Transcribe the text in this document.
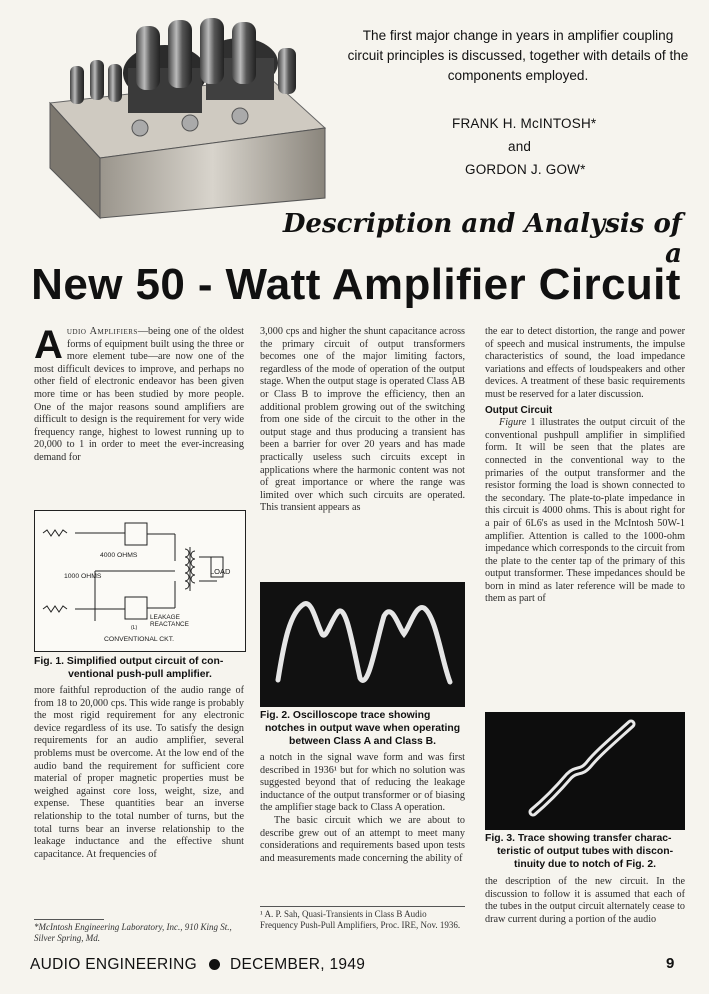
The first major change in years in amplifier coupling circuit principles is discussed, together with details of the components employed.
FRANK H. McINTOSH*
and
GORDON J. GOW*
Description and Analysis of a
New 50 - Watt Amplifier Circuit

Audio Amplifiers—being one of the oldest forms of equipment built using the three or more element tube—are now one of the most difficult devices to improve, and perhaps no other field of electronic endeavor has been given more time or has been studied by more people. One of the major reasons sound amplifiers are difficult to design is the requirement for very wide frequency range, highest to lowest running up to 20,000 to 1 in order to meet the ever-increasing demand for

(L)
4000 OHMS
1000 OHMS
LOAD
LEAKAGE REACTANCE
CONVENTIONAL CKT.
Fig. 1. Simplified output circuit of con-
ventional push-pull amplifier.

more faithful reproduction of the audio range of from 18 to 20,000 cps. This wide range is probably the most rigid requirement for any electronic device regardless of its use. To satisfy the design requirements for an audio amplifier, several problems must be overcome. At the low end of the audio band the requirement for sufficient core material of proper magnetic properties must be weighed against core loss, weight, size, and expense. These quantities bear an inverse relationship to the total number of turns, but the total turns bear an inverse relationship to the leakage inductance and the effective shunt capacitance. At frequencies of

*McIntosh Engineering Laboratory, Inc., 910 King St., Silver Spring, Md.

3,000 cps and higher the shunt capacitance across the primary circuit of output transformers becomes one of the major limiting factors, regardless of the mode of operation of the output stage. When the output stage is operated Class AB or Class B to improve the efficiency, then an additional problem growing out of the switching from one side of the circuit to the other in the output stage and thus producing a transient has been a barrier for over 20 years and has made practically useless such circuits except in applications where the harmonic content was not of great importance or where the range was limited over which such circuits are operated. This transient appears as

Fig. 2. Oscilloscope trace showing
notches in output wave when operating
between Class A and Class B.

a notch in the signal wave form and was first described in 1936¹ but for which no solution was suggested beyond that of reducing the leakage inductance of the output transformer or of biasing the amplifier stage back to Class A operation.

The basic circuit which we are about to describe grew out of an attempt to meet many considerations and requirements based upon tests and measurements made concerning the ability of

¹ A. P. Sah, Quasi-Transients in Class B Audio Frequency Push-Pull Amplifiers, Proc. IRE, Nov. 1936.

the ear to detect distortion, the range and power of speech and musical instruments, the impulse characteristics of sound, the load impedance variations and effects of loudspeakers and other devices. A treatment of these basic requirements must be reserved for a later discussion.

Output Circuit

Figure 1 illustrates the output circuit of the conventional pushpull amplifier in simplified form. It will be seen that the plates are connected in the conventional way to the primaries of the output transformer and the resistor forming the load is shown connected to the secondary. The plate-to-plate impedance in this circuit is 4000 ohms. This is about right for a pair of 6L6's as used in the McIntosh 50W-1 amplifier. Attention is called to the 1000-ohm impedance which corresponds to the circuit from the plate to the center tap of the primary of this output transformer. These impedances should be born in mind as later reference will be made to them as part of

Fig. 3. Trace showing transfer charac-
teristic of output tubes with discon-
tinuity due to notch of Fig. 2.

the description of the new circuit. In the discussion to follow it is assumed that each of the tubes in the output circuit alternately cease to draw current during a portion of the audio

AUDIO ENGINEERING DECEMBER, 1949	9
